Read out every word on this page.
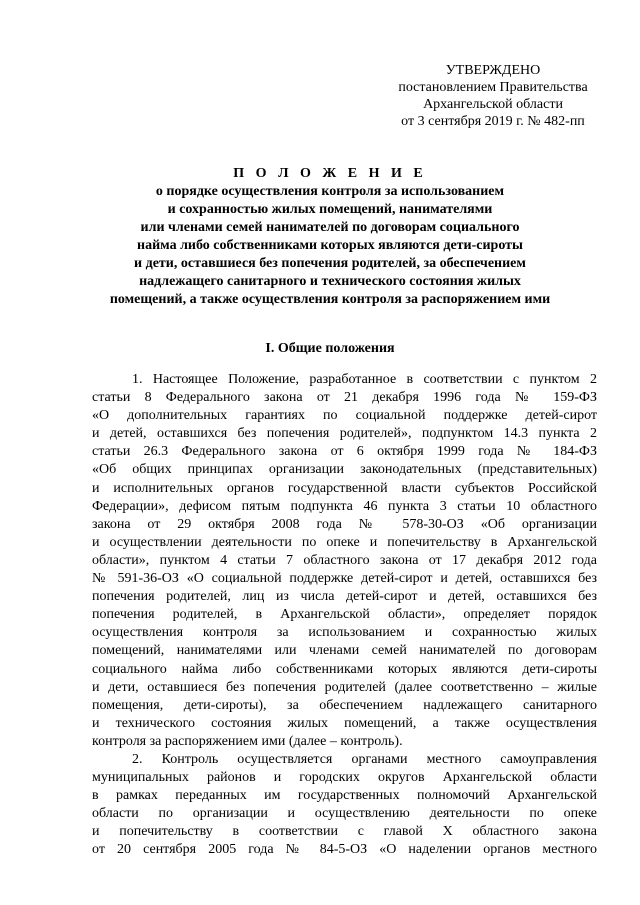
УТВЕРЖДЕНО
постановлением Правительства
Архангельской области
от 3 сентября 2019 г. № 482-пп
П О Л О Ж Е Н И Е
о порядке осуществления контроля за использованием
и сохранностью жилых помещений, нанимателями
или членами семей нанимателей по договорам социального
найма либо собственниками которых являются дети-сироты
и дети, оставшиеся без попечения родителей, за обеспечением
надлежащего санитарного и технического состояния жилых
помещений, а также осуществления контроля за распоряжением ими
I. Общие положения
1. Настоящее Положение, разработанное в соответствии с пунктом 2
статьи 8 Федерального закона от 21 декабря 1996 года № 159-ФЗ
«О дополнительных гарантиях по социальной поддержке детей-сирот
и детей, оставшихся без попечения родителей», подпунктом 14.3 пункта 2
статьи 26.3 Федерального закона от 6 октября 1999 года № 184-ФЗ
«Об общих принципах организации законодательных (представительных)
и исполнительных органов государственной власти субъектов Российской
Федерации», дефисом пятым подпункта 46 пункта 3 статьи 10 областного
закона от 29 октября 2008 года № 578-30-ОЗ «Об организации
и осуществлении деятельности по опеке и попечительству в Архангельской
области», пунктом 4 статьи 7 областного закона от 17 декабря 2012 года
№ 591-36-ОЗ «О социальной поддержке детей-сирот и детей, оставшихся без
попечения родителей, лиц из числа детей-сирот и детей, оставшихся без
попечения родителей, в Архангельской области», определяет порядок
осуществления контроля за использованием и сохранностью жилых
помещений, нанимателями или членами семей нанимателей по договорам
социального найма либо собственниками которых являются дети-сироты
и дети, оставшиеся без попечения родителей (далее соответственно – жилые
помещения, дети-сироты), за обеспечением надлежащего санитарного
и технического состояния жилых помещений, а также осуществления
контроля за распоряжением ими (далее – контроль).
2. Контроль осуществляется органами местного самоуправления
муниципальных районов и городских округов Архангельской области
в рамках переданных им государственных полномочий Архангельской
области по организации и осуществлению деятельности по опеке
и попечительству в соответствии с главой X областного закона
от 20 сентября 2005 года № 84-5-ОЗ «О наделении органов местного
